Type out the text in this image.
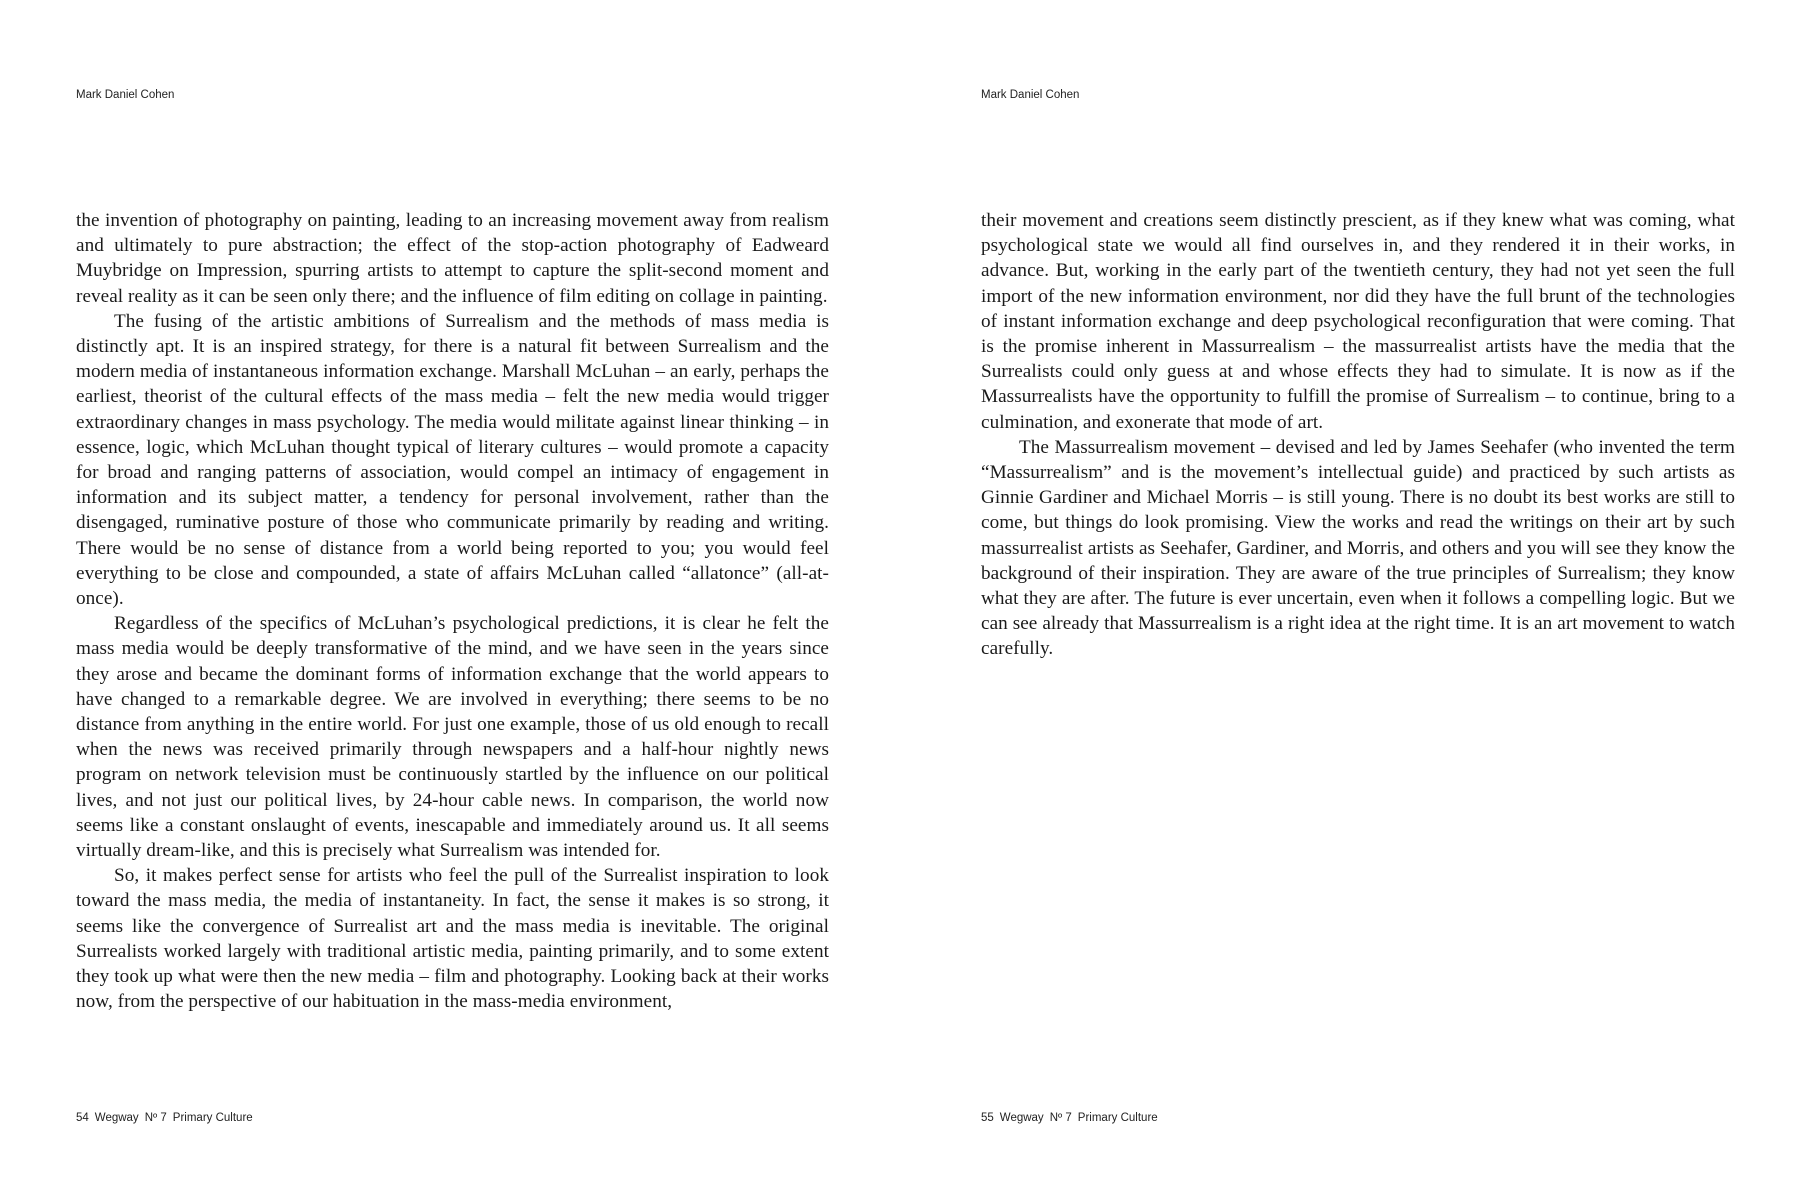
Mark Daniel Cohen

the invention of photography on painting, leading to an increasing movement away from realism and ultimately to pure abstraction; the effect of the stop-action photography of Eadweard Muybridge on Impression, spurring artists to attempt to capture the split-second moment and reveal reality as it can be seen only there; and the influence of film editing on collage in painting.

The fusing of the artistic ambitions of Surrealism and the methods of mass media is distinctly apt. It is an inspired strategy, for there is a natural fit between Surrealism and the modern media of instantaneous information exchange. Marshall McLuhan – an early, perhaps the earliest, theorist of the cultural effects of the mass media – felt the new media would trigger extraordinary changes in mass psychology. The media would militate against linear thinking – in essence, logic, which McLuhan thought typical of literary cultures – would promote a capacity for broad and ranging patterns of association, would compel an intimacy of engagement in information and its subject matter, a tendency for personal involvement, rather than the disengaged, ruminative posture of those who communicate primarily by reading and writing. There would be no sense of distance from a world being reported to you; you would feel everything to be close and compounded, a state of affairs McLuhan called “allatonce” (all-at-once).

Regardless of the specifics of McLuhan’s psychological predictions, it is clear he felt the mass media would be deeply transformative of the mind, and we have seen in the years since they arose and became the dominant forms of information exchange that the world appears to have changed to a remarkable degree. We are involved in everything; there seems to be no distance from anything in the entire world. For just one example, those of us old enough to recall when the news was received primarily through newspapers and a half-hour nightly news program on network television must be continuously startled by the influence on our political lives, and not just our political lives, by 24-hour cable news. In comparison, the world now seems like a constant onslaught of events, inescapable and immediately around us. It all seems virtually dream-like, and this is precisely what Surrealism was intended for.

So, it makes perfect sense for artists who feel the pull of the Surrealist inspiration to look toward the mass media, the media of instantaneity. In fact, the sense it makes is so strong, it seems like the convergence of Surrealist art and the mass media is inevitable. The original Surrealists worked largely with traditional artistic media, painting primarily, and to some extent they took up what were then the new media – film and photography. Looking back at their works now, from the perspective of our habituation in the mass-media environment,

54 Wegway Nº 7 Primary Culture
Mark Daniel Cohen

their movement and creations seem distinctly prescient, as if they knew what was coming, what psychological state we would all find ourselves in, and they rendered it in their works, in advance. But, working in the early part of the twentieth century, they had not yet seen the full import of the new information environment, nor did they have the full brunt of the technologies of instant information exchange and deep psychological reconfiguration that were coming. That is the promise inherent in Massurrealism – the massurrealist artists have the media that the Surrealists could only guess at and whose effects they had to simulate. It is now as if the Massurrealists have the opportunity to fulfill the promise of Surrealism – to continue, bring to a culmination, and exonerate that mode of art.

The Massurrealism movement – devised and led by James Seehafer (who invented the term “Massurrealism” and is the movement’s intellectual guide) and practiced by such artists as Ginnie Gardiner and Michael Morris – is still young. There is no doubt its best works are still to come, but things do look promising. View the works and read the writings on their art by such massurrealist artists as Seehafer, Gardiner, and Morris, and others and you will see they know the background of their inspiration. They are aware of the true principles of Surrealism; they know what they are after. The future is ever uncertain, even when it follows a compelling logic. But we can see already that Massurrealism is a right idea at the right time. It is an art movement to watch carefully.

55 Wegway Nº 7 Primary Culture
